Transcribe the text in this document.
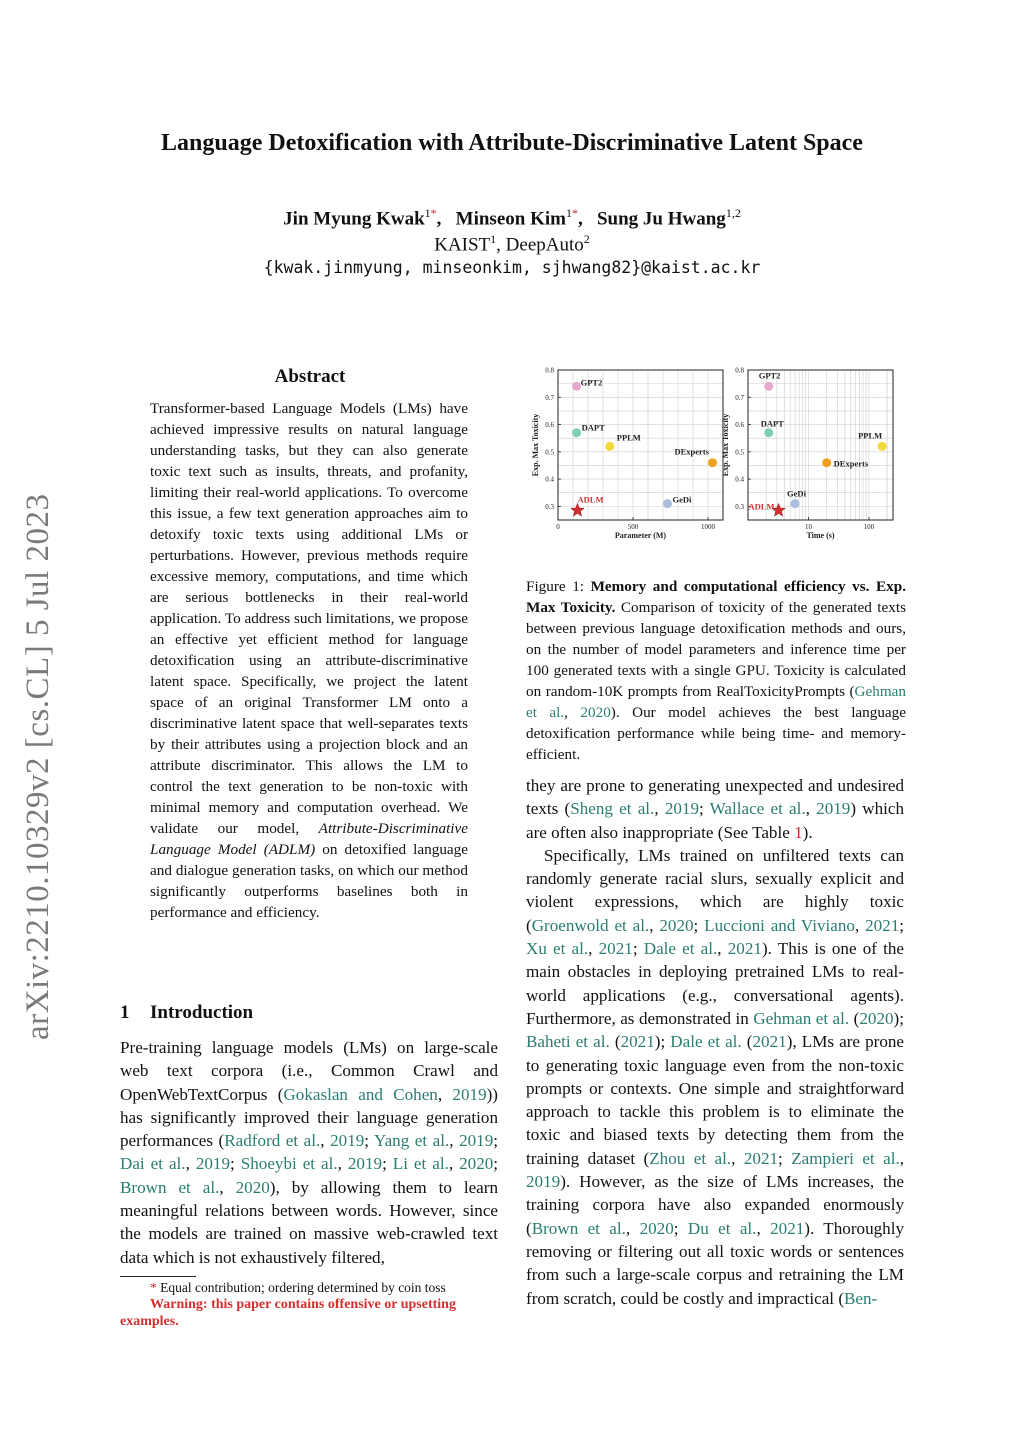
Language Detoxification with Attribute-Discriminative Latent Space
Jin Myung Kwak$^{1*}$,   Minseon Kim$^{1*}$,   Sung Ju Hwang$^{1,2}$
KAIST$^1$, DeepAuto$^2$
{kwak.jinmyung, minseonkim, sjhwang82}@kaist.ac.kr
arXiv:2210.10329v2 [cs.CL] 5 Jul 2023
Abstract
Transformer-based Language Models (LMs) have achieved impressive results on natural language understanding tasks, but they can also generate toxic text such as insults, threats, and profanity, limiting their real-world applications. To overcome this issue, a few text generation approaches aim to detoxify toxic texts using additional LMs or perturbations. However, previous methods require excessive memory, computations, and time which are serious bottlenecks in their real-world application. To address such limitations, we propose an effective yet efficient method for language detoxification using an attribute-discriminative latent space. Specifically, we project the latent space of an original Transformer LM onto a discriminative latent space that well-separates texts by their attributes using a projection block and an attribute discriminator. This allows the LM to control the text generation to be non-toxic with minimal memory and computation overhead. We validate our model, Attribute-Discriminative Language Model (ADLM) on detoxified language and dialogue generation tasks, on which our method significantly outperforms baselines both in performance and efficiency.
1 Introduction
Pre-training language models (LMs) on large-scale web text corpora (i.e., Common Crawl and OpenWebTextCorpus (Gokaslan and Cohen, 2019)) has significantly improved their language generation performances (Radford et al., 2019; Yang et al., 2019; Dai et al., 2019; Shoeybi et al., 2019; Li et al., 2020; Brown et al., 2020), by allowing them to learn meaningful relations between words. However, since the models are trained on massive web-crawled text data which is not exhaustively filtered,
* Equal contribution; ordering determined by coin toss
Warning: this paper contains offensive or upsetting examples.
0.3
0.4
0.5
0.6
0.7
0.8
0	500	1000
Parameter (M)
Exp. Max Toxicity
GPT2
DAPT
PPLM
DExperts
GeDi
ADLM
0.3
0.4
0.5
0.6
0.7
0.8
10	100
Time (s)
Exp. Max Toxicity
GPT2
DAPT
PPLM
DExperts
GeDi
ADLM
Figure 1: Memory and computational efficiency vs. Exp. Max Toxicity. Comparison of toxicity of the generated texts between previous language detoxification methods and ours, on the number of model parameters and inference time per 100 generated texts with a single GPU. Toxicity is calculated on random-10K prompts from RealToxicityPrompts (Gehman et al., 2020). Our model achieves the best language detoxification performance while being time- and memory- efficient.

they are prone to generating unexpected and undesired texts (Sheng et al., 2019; Wallace et al., 2019) which are often also inappropriate (See Table 1).

Specifically, LMs trained on unfiltered texts can randomly generate racial slurs, sexually explicit and violent expressions, which are highly toxic (Groenwold et al., 2020; Luccioni and Viviano, 2021; Xu et al., 2021; Dale et al., 2021). This is one of the main obstacles in deploying pretrained LMs to real-world applications (e.g., conversational agents). Furthermore, as demonstrated in Gehman et al. (2020); Baheti et al. (2021); Dale et al. (2021), LMs are prone to generating toxic language even from the non-toxic prompts or contexts. One simple and straightforward approach to tackle this problem is to eliminate the toxic and biased texts by detecting them from the training dataset (Zhou et al., 2021; Zampieri et al., 2019). However, as the size of LMs increases, the training corpora have also expanded enormously (Brown et al., 2020; Du et al., 2021). Thoroughly removing or filtering out all toxic words or sentences from such a large-scale corpus and retraining the LM from scratch, could be costly and impractical (Ben-
